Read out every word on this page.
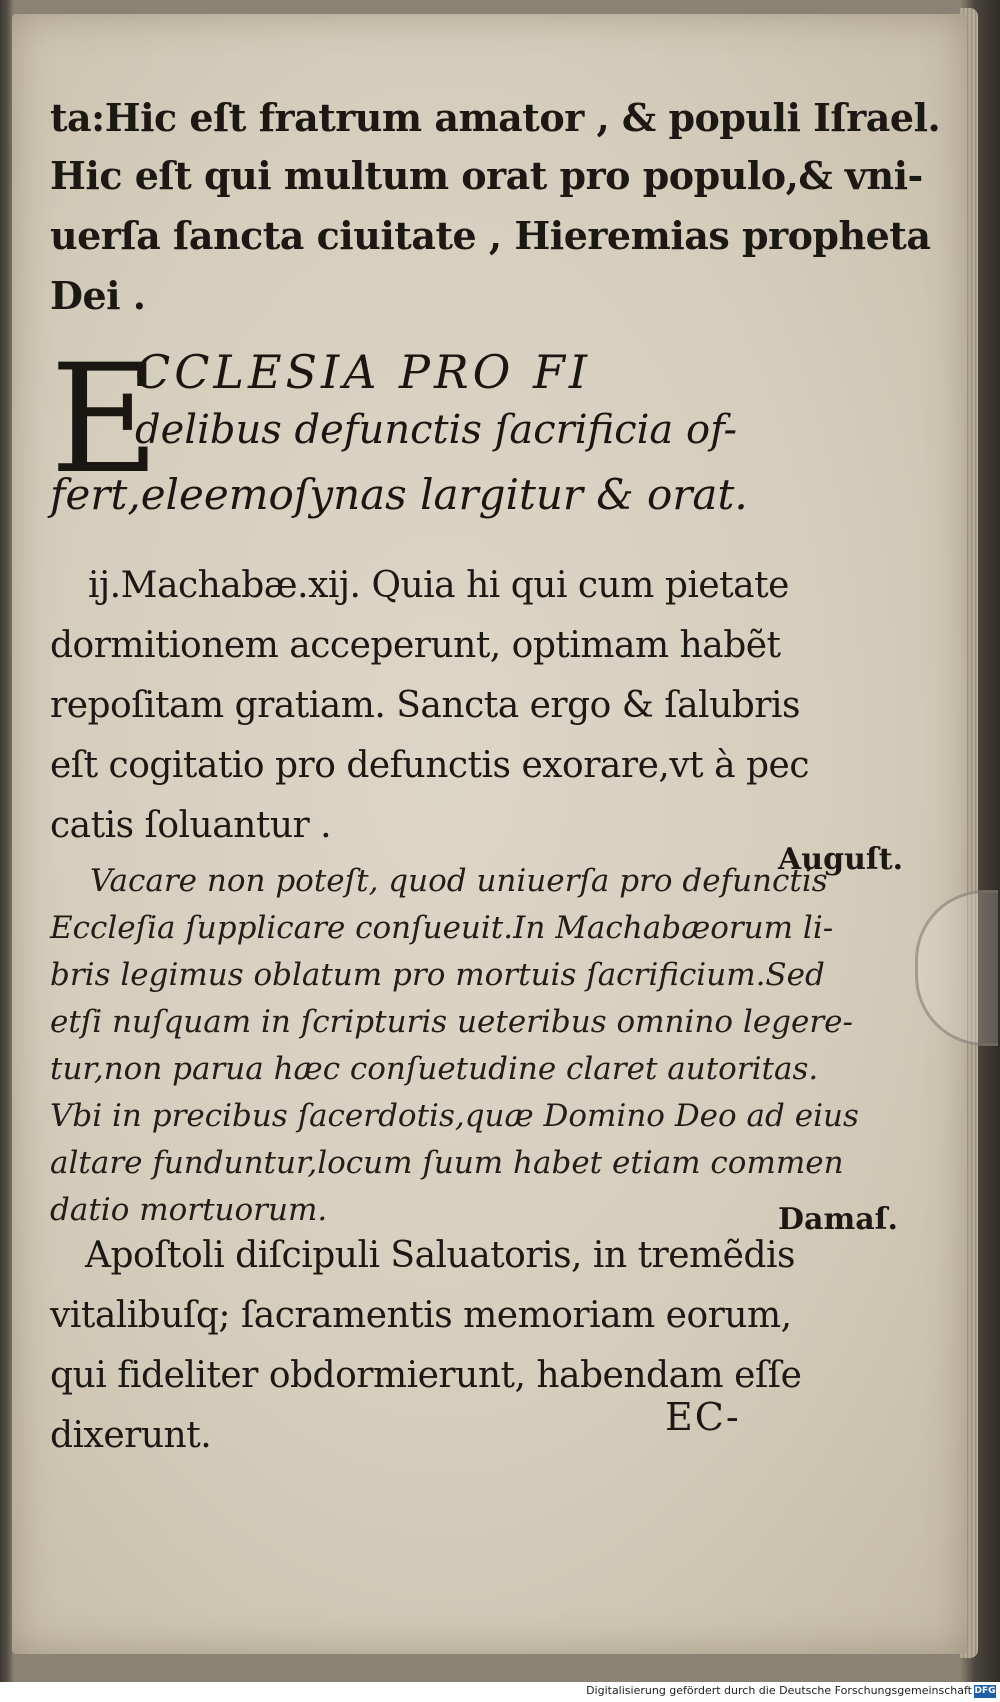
ta:Hic eſt fratrum amator , & populi Iſrael.
Hic eſt qui multum orat pro populo,& vni-
uerſa ſancta ciuitate , Hieremias propheta
Dei .
E
CCLESIA PRO FI
delibus defunctis ſacrificia of-
fert,eleemoſynas largitur & orat.
ij.Machabæ.xij. Quia hi qui cum pietate
dormitionem acceperunt, optimam habẽt
repoſitam gratiam. Sancta ergo & ſalubris
eſt cogitatio pro defunctis exorare,vt à pec
catis ſoluantur .
Vacare non poteſt, quod uniuerſa pro defunctis
Eccleſia ſupplicare conſueuit.In Machabæorum li-
bris legimus oblatum pro mortuis ſacrificium.Sed
etſi nuſquam in ſcripturis ueteribus omnino legere-
tur,non parua hæc conſuetudine claret autoritas.
Vbi in precibus ſacerdotis,quæ Domino Deo ad eius
altare funduntur,locum ſuum habet etiam commen
datio mortuorum.
Apoſtoli diſcipuli Saluatoris, in tremẽdis
vitalibuſq; ſacramentis memoriam eorum,
qui fideliter obdormierunt, habendam eſſe
dixerunt.
Auguſt.
Damaſ.
EC-
Digitalisierung gefördert durch die Deutsche Forschungsgemeinschaft DFG
